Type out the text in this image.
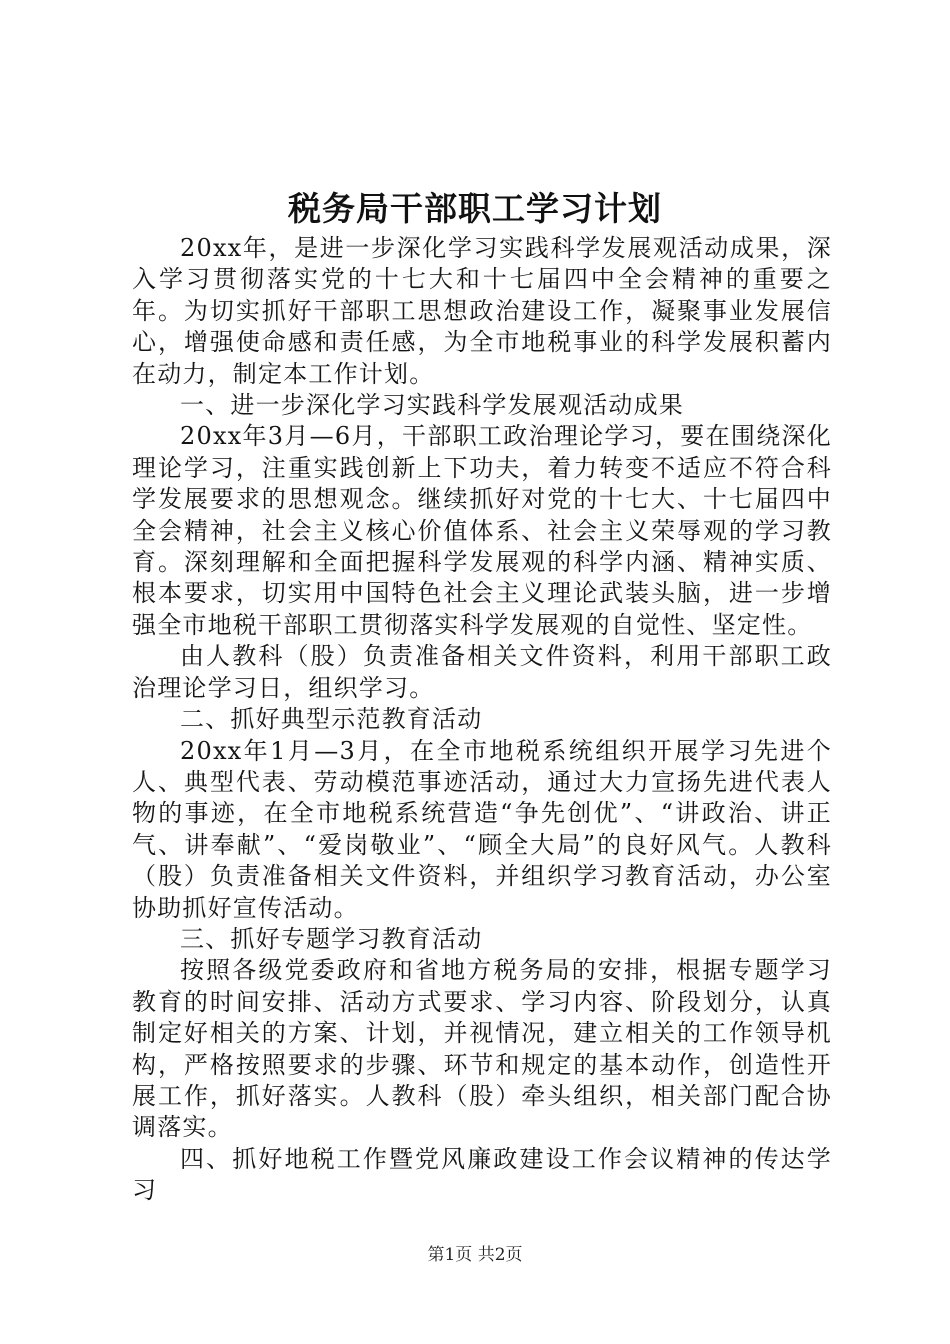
税务局干部职工学习计划

20xx年，是进一步深化学习实践科学发展观活动成果，深入学习贯彻落实党的十七大和十七届四中全会精神的重要之年。为切实抓好干部职工思想政治建设工作，凝聚事业发展信心，增强使命感和责任感，为全市地税事业的科学发展积蓄内在动力，制定本工作计划。

一、进一步深化学习实践科学发展观活动成果

20xx年3月—6月，干部职工政治理论学习，要在围绕深化理论学习，注重实践创新上下功夫，着力转变不适应不符合科学发展要求的思想观念。继续抓好对党的十七大、十七届四中全会精神，社会主义核心价值体系、社会主义荣辱观的学习教育。深刻理解和全面把握科学发展观的科学内涵、精神实质、根本要求，切实用中国特色社会主义理论武装头脑，进一步增强全市地税干部职工贯彻落实科学发展观的自觉性、坚定性。

由人教科（股）负责准备相关文件资料，利用干部职工政治理论学习日，组织学习。

二、抓好典型示范教育活动

20xx年1月—3月，在全市地税系统组织开展学习先进个人、典型代表、劳动模范事迹活动，通过大力宣扬先进代表人物的事迹，在全市地税系统营造“争先创优”、“讲政治、讲正气、讲奉献”、“爱岗敬业”、“顾全大局”的良好风气。人教科（股）负责准备相关文件资料，并组织学习教育活动，办公室协助抓好宣传活动。

三、抓好专题学习教育活动

按照各级党委政府和省地方税务局的安排，根据专题学习教育的时间安排、活动方式要求、学习内容、阶段划分，认真制定好相关的方案、计划，并视情况，建立相关的工作领导机构，严格按照要求的步骤、环节和规定的基本动作，创造性开展工作，抓好落实。人教科（股）牵头组织，相关部门配合协调落实。

四、抓好地税工作暨党风廉政建设工作会议精神的传达学习

第1页 共2页
